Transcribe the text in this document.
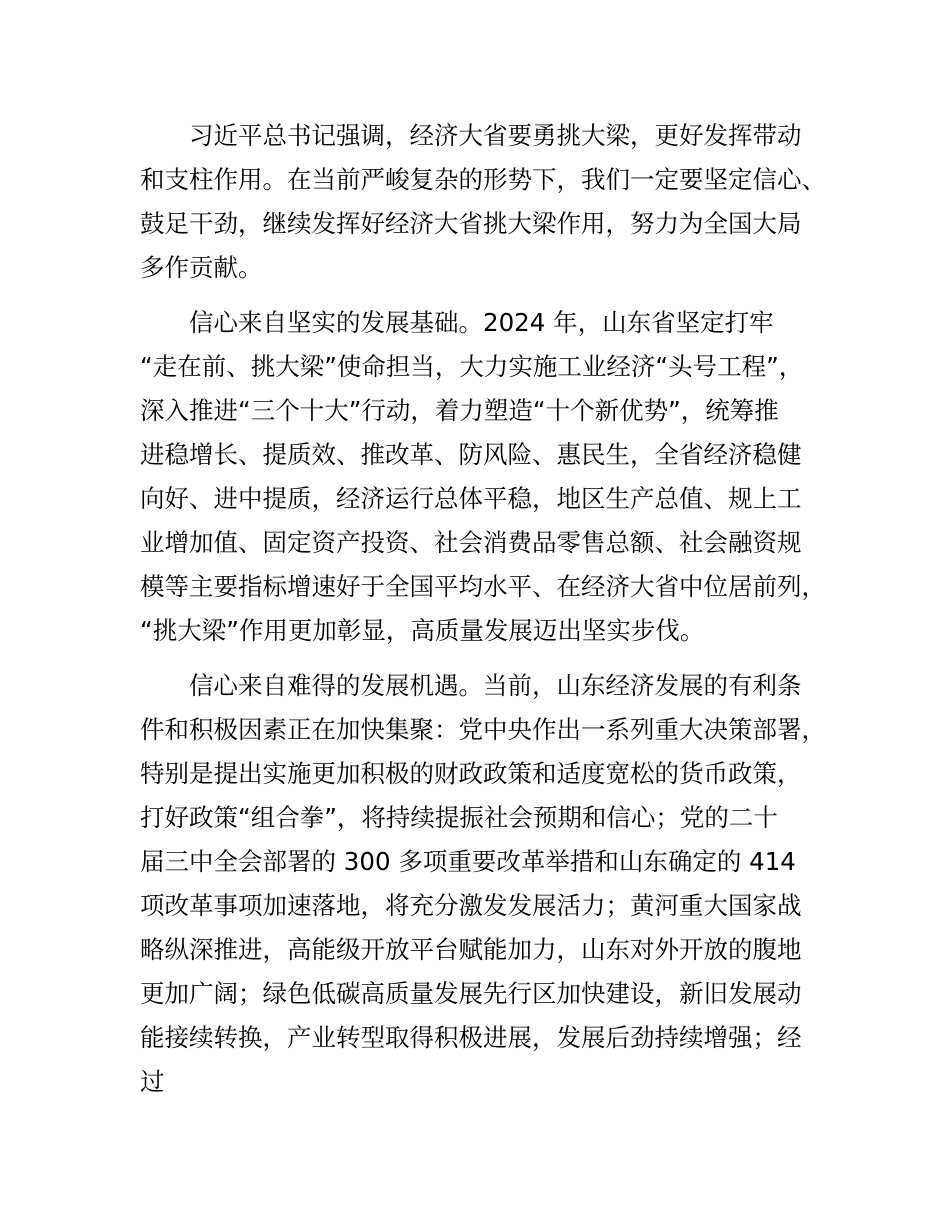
　　习近平总书记强调，经济大省要勇挑大梁，更好发挥带动
和支柱作用。在当前严峻复杂的形势下，我们一定要坚定信心、
鼓足干劲，继续发挥好经济大省挑大梁作用，努力为全国大局
多作贡献。
　　信心来自坚实的发展基础。2024 年，山东省坚定打牢
“走在前、挑大梁”使命担当，大力实施工业经济“头号工程”，
深入推进“三个十大”行动，着力塑造“十个新优势”，统筹推
进稳增长、提质效、推改革、防风险、惠民生，全省经济稳健
向好、进中提质，经济运行总体平稳，地区生产总值、规上工
业增加值、固定资产投资、社会消费品零售总额、社会融资规
模等主要指标增速好于全国平均水平、在经济大省中位居前列，
“挑大梁”作用更加彰显，高质量发展迈出坚实步伐。
　　信心来自难得的发展机遇。当前，山东经济发展的有利条
件和积极因素正在加快集聚：党中央作出一系列重大决策部署，
特别是提出实施更加积极的财政政策和适度宽松的货币政策，
打好政策“组合拳”，将持续提振社会预期和信心；党的二十
届三中全会部署的 300 多项重要改革举措和山东确定的 414
项改革事项加速落地，将充分激发发展活力；黄河重大国家战
略纵深推进，高能级开放平台赋能加力，山东对外开放的腹地
更加广阔；绿色低碳高质量发展先行区加快建设，新旧发展动
能接续转换，产业转型取得积极进展，发展后劲持续增强；经
过
